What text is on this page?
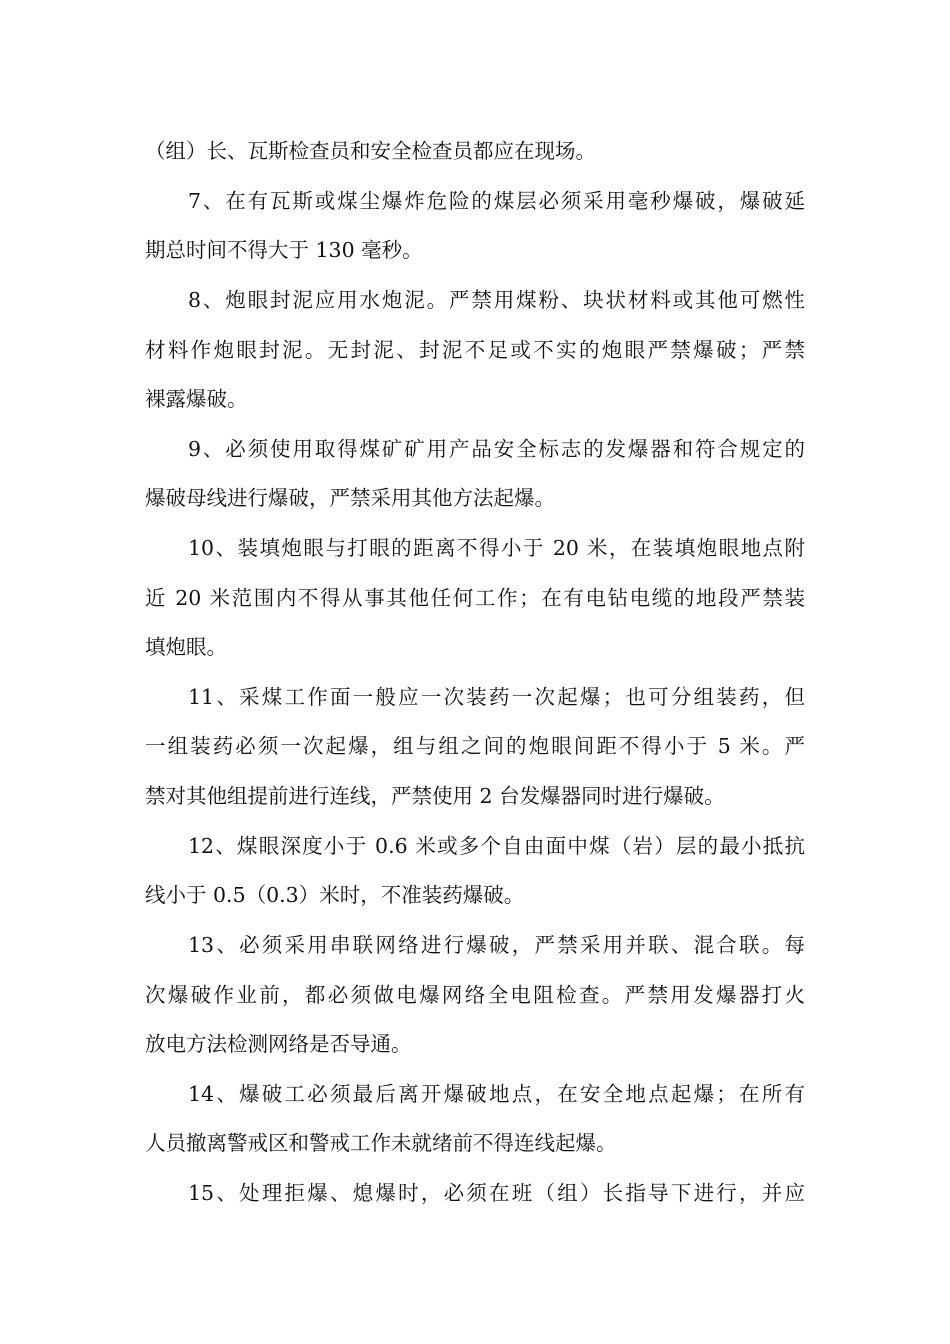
（组）长、瓦斯检查员和安全检查员都应在现场。
7、在有瓦斯或煤尘爆炸危险的煤层必须采用毫秒爆破，爆破延
期总时间不得大于 130 毫秒。
8、炮眼封泥应用水炮泥。严禁用煤粉、块状材料或其他可燃性
材料作炮眼封泥。无封泥、封泥不足或不实的炮眼严禁爆破；严禁
裸露爆破。
9、必须使用取得煤矿矿用产品安全标志的发爆器和符合规定的
爆破母线进行爆破，严禁采用其他方法起爆。
10、装填炮眼与打眼的距离不得小于 20 米，在装填炮眼地点附
近 20 米范围内不得从事其他任何工作；在有电钻电缆的地段严禁装
填炮眼。
11、采煤工作面一般应一次装药一次起爆；也可分组装药，但
一组装药必须一次起爆，组与组之间的炮眼间距不得小于 5 米。严
禁对其他组提前进行连线，严禁使用 2 台发爆器同时进行爆破。
12、煤眼深度小于 0.6 米或多个自由面中煤（岩）层的最小抵抗
线小于 0.5（0.3）米时，不准装药爆破。
13、必须采用串联网络进行爆破，严禁采用并联、混合联。每
次爆破作业前，都必须做电爆网络全电阻检查。严禁用发爆器打火
放电方法检测网络是否导通。
14、爆破工必须最后离开爆破地点，在安全地点起爆；在所有
人员撤离警戒区和警戒工作未就绪前不得连线起爆。
15、处理拒爆、熄爆时，必须在班（组）长指导下进行，并应
